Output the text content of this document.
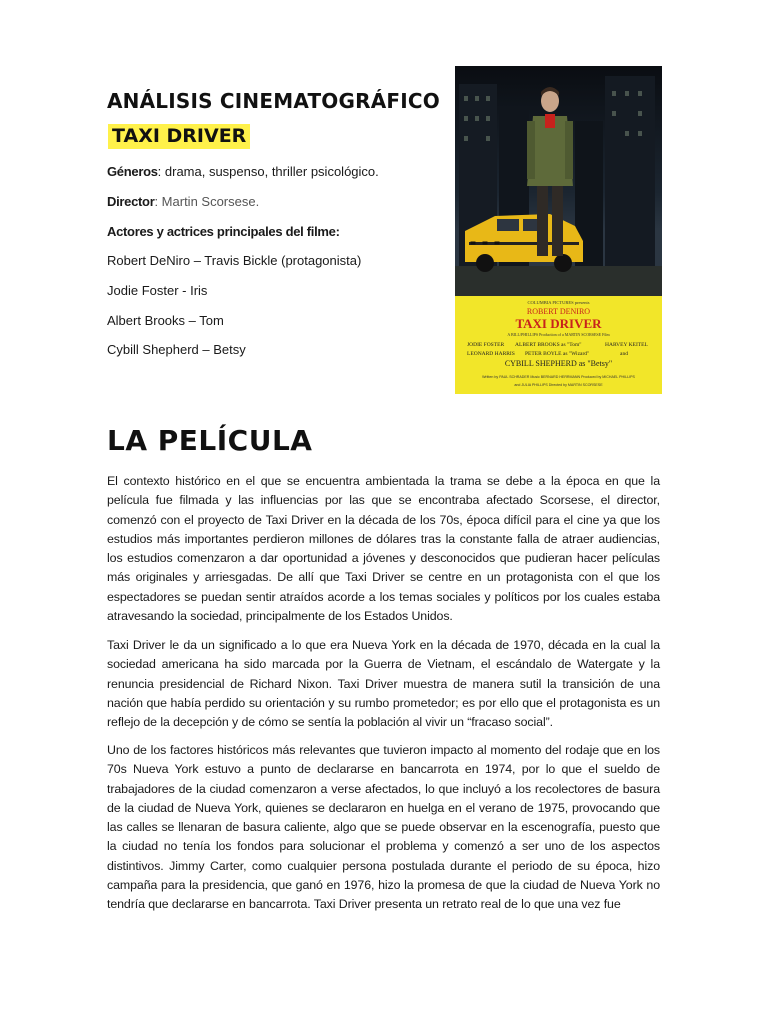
ANÁLISIS CINEMATOGRÁFICO
TAXI DRIVER
Géneros: drama, suspenso, thriller psicológico.
Director: Martin Scorsese.
Actores y actrices principales del filme:
Robert DeNiro – Travis Bickle (protagonista)
Jodie Foster - Iris
Albert Brooks – Tom
Cybill Shepherd – Betsy
COLUMBIA PICTURES presents
ROBERT DENIRO
TAXI DRIVER
A BILL/PHILLIPS Production of a MARTIN SCORSESE Film
JODIE FOSTER ALBERT BROOKS as "Tom"	HARVEY KEITEL
LEONARD HARRIS PETER BOYLE as "Wizard"	and
CYBILL SHEPHERD as "Betsy"
Written by PAUL SCHRADER Music BERNARD HERRMANN Produced by MICHAEL PHILLIPS
and JULIA PHILLIPS Directed by MARTIN SCORSESE
LA PELÍCULA

El contexto histórico en el que se encuentra ambientada la trama se debe a la época en que la película fue filmada y las influencias por las que se encontraba afectado Scorsese, el director, comenzó con el proyecto de Taxi Driver en la década de los 70s, época difícil para el cine ya que los estudios más importantes perdieron millones de dólares tras la constante falla de atraer audiencias, los estudios comenzaron a dar oportunidad a jóvenes y desconocidos que pudieran hacer películas más originales y arriesgadas. De allí que Taxi Driver se centre en un protagonista con el que los espectadores se puedan sentir atraídos acorde a los temas sociales y políticos por los cuales estaba atravesando la sociedad, principalmente de los Estados Unidos.

Taxi Driver le da un significado a lo que era Nueva York en la década de 1970, década en la cual la sociedad americana ha sido marcada por la Guerra de Vietnam, el escándalo de Watergate y la renuncia presidencial de Richard Nixon. Taxi Driver muestra de manera sutil la transición de una nación que había perdido su orientación y su rumbo prometedor; es por ello que el protagonista es un reflejo de la decepción y de cómo se sentía la población al vivir un “fracaso social”.

Uno de los factores históricos más relevantes que tuvieron impacto al momento del rodaje que en los 70s Nueva York estuvo a punto de declararse en bancarrota en 1974, por lo que el sueldo de trabajadores de la ciudad comenzaron a verse afectados, lo que incluyó a los recolectores de basura de la ciudad de Nueva York, quienes se declararon en huelga en el verano de 1975, provocando que las calles se llenaran de basura caliente, algo que se puede observar en la escenografía, puesto que la ciudad no tenía los fondos para solucionar el problema y comenzó a ser uno de los aspectos distintivos. Jimmy Carter, como cualquier persona postulada durante el periodo de su época, hizo campaña para la presidencia, que ganó en 1976, hizo la promesa de que la ciudad de Nueva York no tendría que declararse en bancarrota. Taxi Driver presenta un retrato real de lo que una vez fue
